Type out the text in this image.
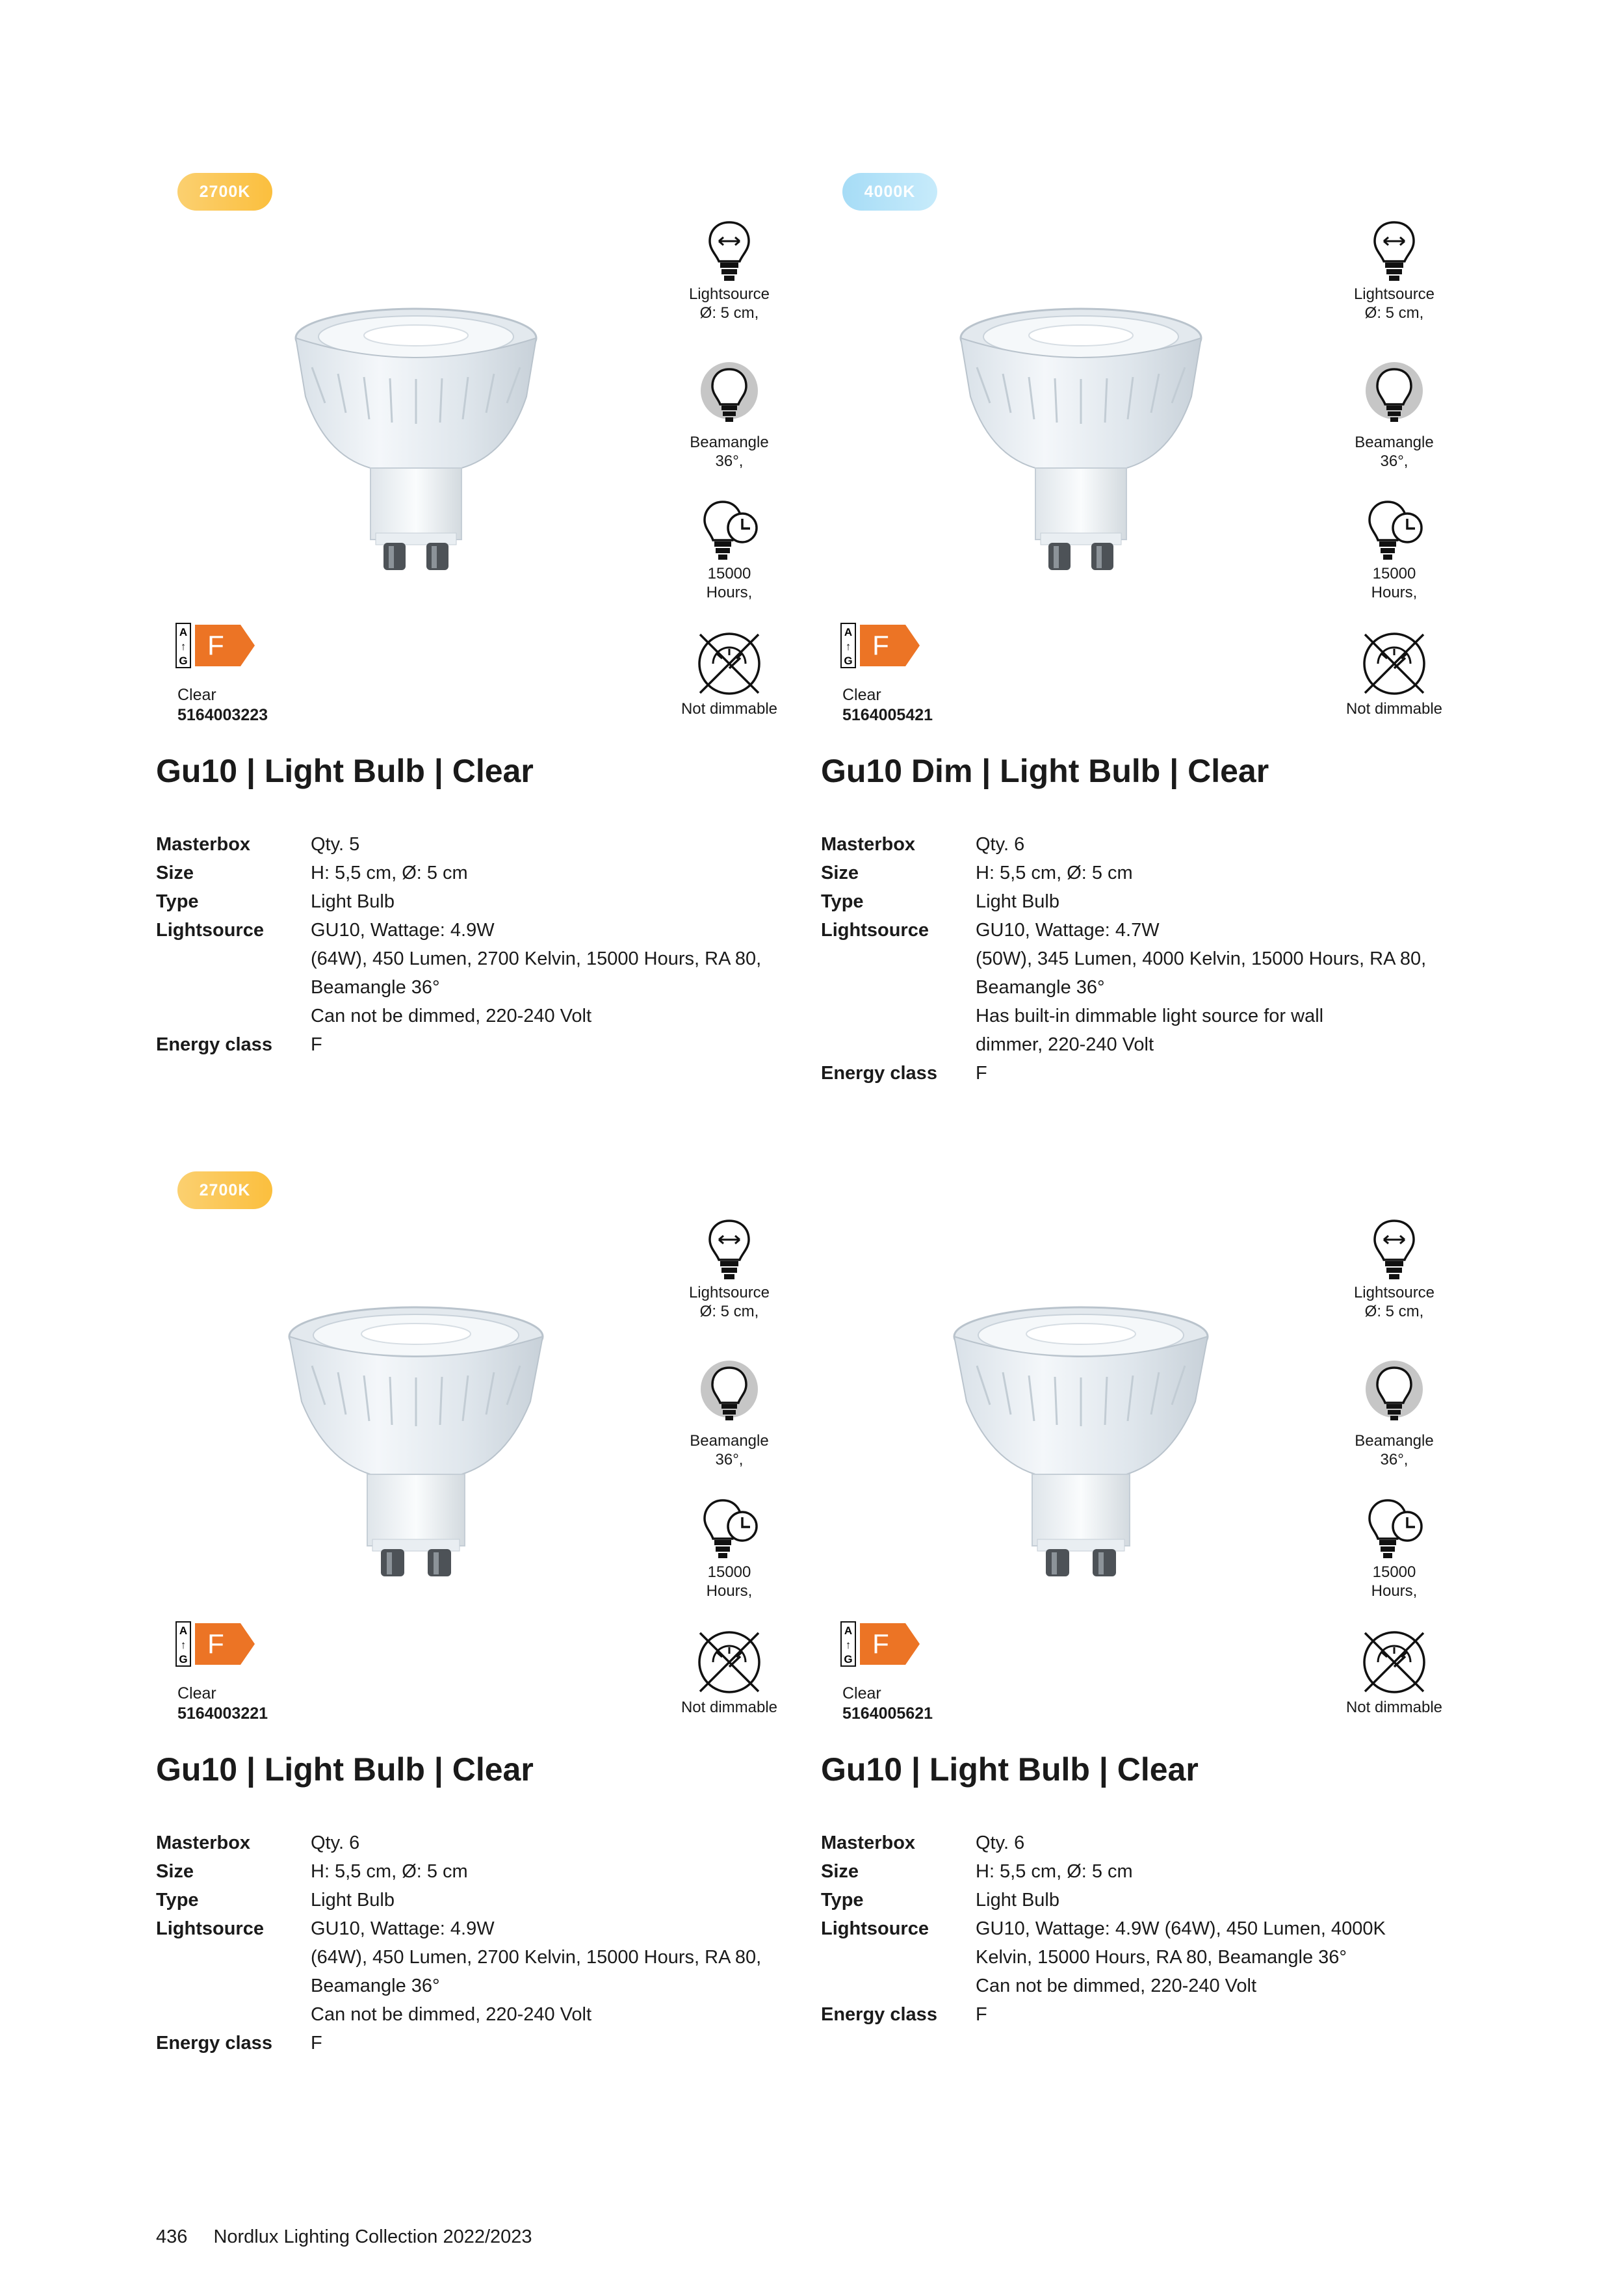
2700K
Lightsource
Ø: 5 cm,
Beamangle
36°,
15000
Hours,
Not dimmable
A
↑
G
F
Clear
5164003223
Gu10 | Light Bulb | Clear
Masterbox	Qty. 5
Size	H: 5,5 cm, Ø: 5 cm
Type	Light Bulb
Lightsource	GU10, Wattage: 4.9W
(64W), 450 Lumen, 2700 Kelvin, 15000 Hours, RA 80,
Beamangle 36°
Can not be dimmed, 220-240 Volt
Energy class	F
4000K
Lightsource
Ø: 5 cm,
Beamangle
36°,
15000
Hours,
Not dimmable
A
↑
G
F
Clear
5164005421
Gu10 Dim | Light Bulb | Clear
Masterbox	Qty. 6
Size	H: 5,5 cm, Ø: 5 cm
Type	Light Bulb
Lightsource	GU10, Wattage: 4.7W
(50W), 345 Lumen, 4000 Kelvin, 15000 Hours, RA 80,
Beamangle 36°
Has built-in dimmable light source for wall
dimmer, 220-240 Volt
Energy class	F
2700K
Lightsource
Ø: 5 cm,
Beamangle
36°,
15000
Hours,
Not dimmable
A
↑
G
F
Clear
5164003221
Gu10 | Light Bulb | Clear
Masterbox	Qty. 6
Size	H: 5,5 cm, Ø: 5 cm
Type	Light Bulb
Lightsource	GU10, Wattage: 4.9W
(64W), 450 Lumen, 2700 Kelvin, 15000 Hours, RA 80,
Beamangle 36°
Can not be dimmed, 220-240 Volt
Energy class	F
Lightsource
Ø: 5 cm,
Beamangle
36°,
15000
Hours,
Not dimmable
A
↑
G
F
Clear
5164005621
Gu10 | Light Bulb | Clear
Masterbox	Qty. 6
Size	H: 5,5 cm, Ø: 5 cm
Type	Light Bulb
Lightsource	GU10, Wattage: 4.9W (64W), 450 Lumen, 4000K
Kelvin, 15000 Hours, RA 80, Beamangle 36°
Can not be dimmed, 220-240 Volt
Energy class	F
436 Nordlux Lighting Collection 2022/2023
